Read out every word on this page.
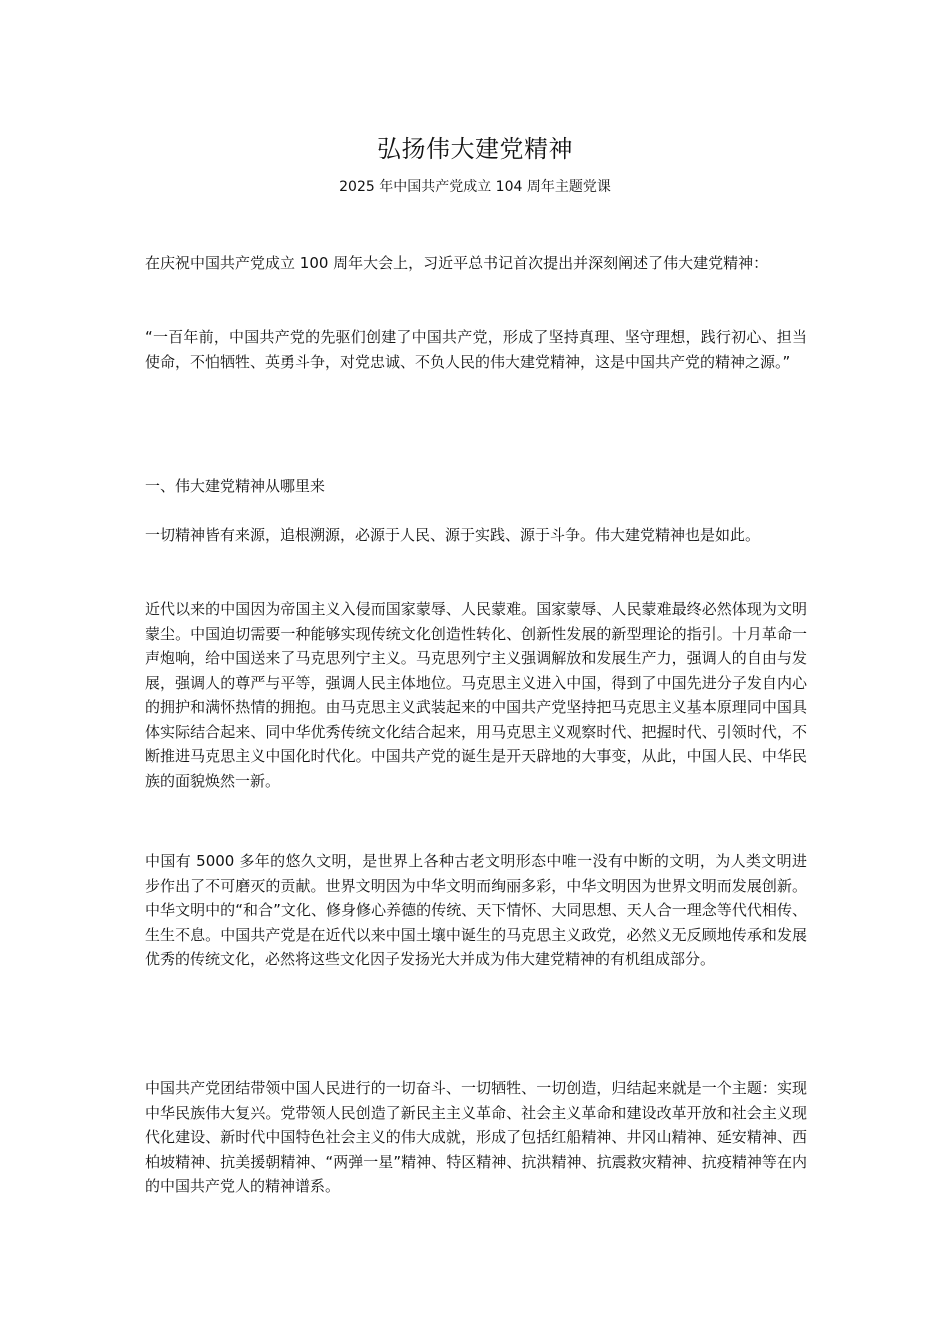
弘扬伟大建党精神
2025 年中国共产党成立 104 周年主题党课

在庆祝中国共产党成立 100 周年大会上，习近平总书记首次提出并深刻阐述了伟大建党精神：

“一百年前，中国共产党的先驱们创建了中国共产党，形成了坚持真理、坚守理想，践行初心、担当使命，不怕牺牲、英勇斗争，对党忠诚、不负人民的伟大建党精神，这是中国共产党的精神之源。”

一、伟大建党精神从哪里来

一切精神皆有来源，追根溯源，必源于人民、源于实践、源于斗争。伟大建党精神也是如此。

近代以来的中国因为帝国主义入侵而国家蒙辱、人民蒙难。国家蒙辱、人民蒙难最终必然体现为文明蒙尘。中国迫切需要一种能够实现传统文化创造性转化、创新性发展的新型理论的指引。十月革命一声炮响，给中国送来了马克思列宁主义。马克思列宁主义强调解放和发展生产力，强调人的自由与发展，强调人的尊严与平等，强调人民主体地位。马克思主义进入中国，得到了中国先进分子发自内心的拥护和满怀热情的拥抱。由马克思主义武装起来的中国共产党坚持把马克思主义基本原理同中国具体实际结合起来、同中华优秀传统文化结合起来，用马克思主义观察时代、把握时代、引领时代，不断推进马克思主义中国化时代化。中国共产党的诞生是开天辟地的大事变，从此，中国人民、中华民族的面貌焕然一新。

中国有 5000 多年的悠久文明，是世界上各种古老文明形态中唯一没有中断的文明，为人类文明进步作出了不可磨灭的贡献。世界文明因为中华文明而绚丽多彩，中华文明因为世界文明而发展创新。中华文明中的“和合”文化、修身修心养德的传统、天下情怀、大同思想、天人合一理念等代代相传、生生不息。中国共产党是在近代以来中国土壤中诞生的马克思主义政党，必然义无反顾地传承和发展优秀的传统文化，必然将这些文化因子发扬光大并成为伟大建党精神的有机组成部分。

中国共产党团结带领中国人民进行的一切奋斗、一切牺牲、一切创造，归结起来就是一个主题：实现中华民族伟大复兴。党带领人民创造了新民主主义革命、社会主义革命和建设改革开放和社会主义现代化建设、新时代中国特色社会主义的伟大成就，形成了包括红船精神、井冈山精神、延安精神、西柏坡精神、抗美援朝精神、“两弹一星”精神、特区精神、抗洪精神、抗震救灾精神、抗疫精神等在内的中国共产党人的精神谱系。
